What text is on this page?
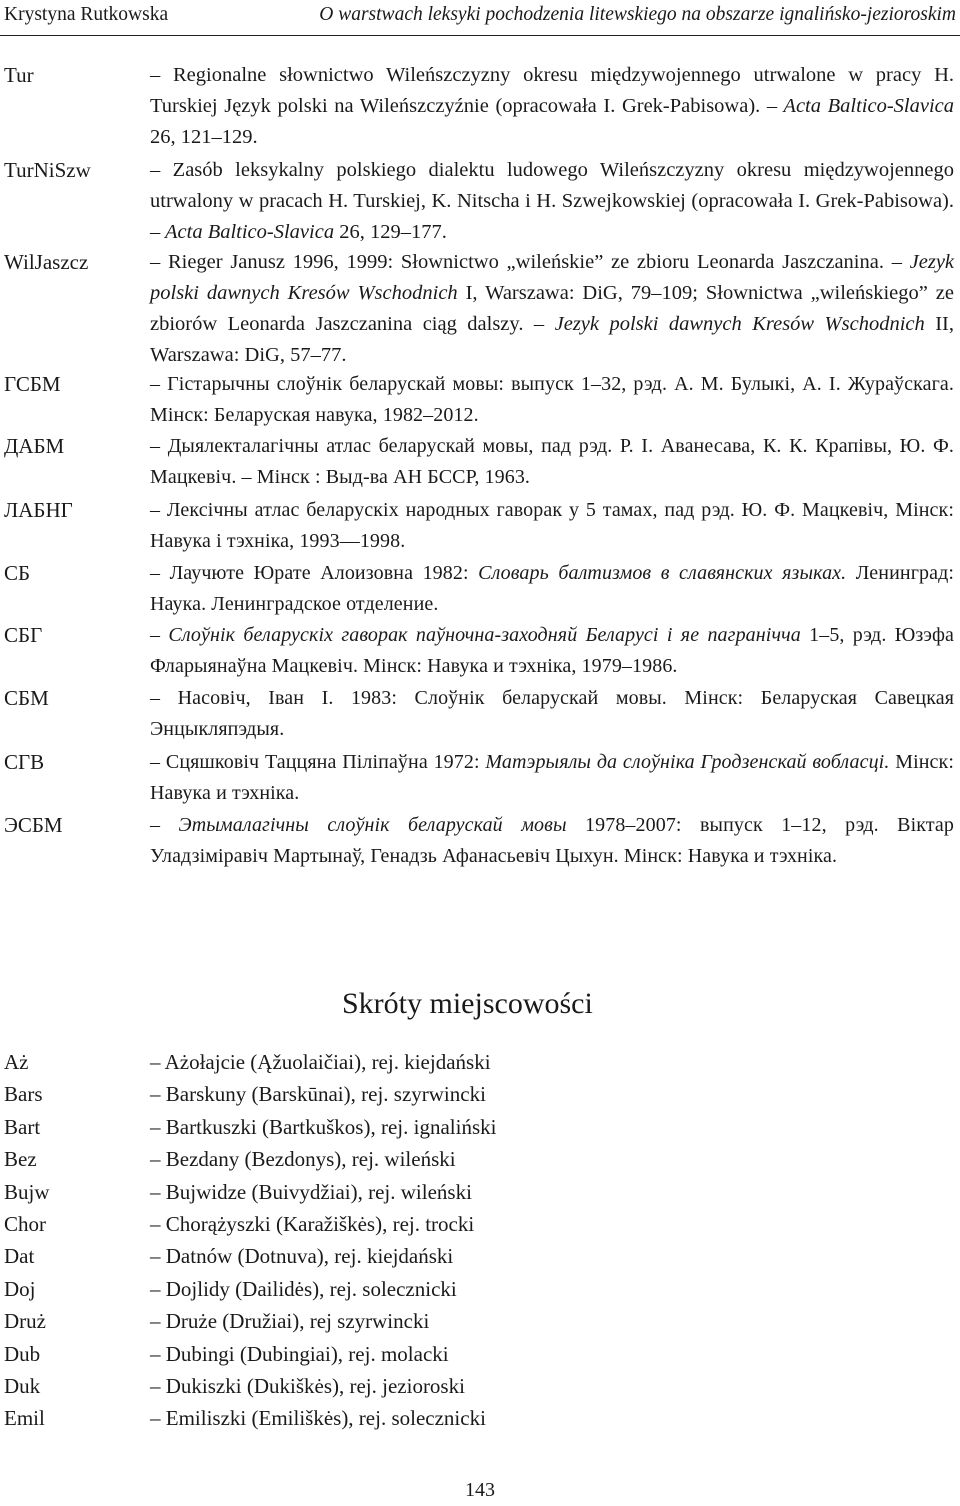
Krystyna Rutkowska	O warstwach leksyki pochodzenia litewskiego na obszarze ignalińsko-jezioroskim
Tur	– Regionalne słownictwo Wileńszczyzny okresu międzywojennego utrwalone w pracy H. Turskiej Język polski na Wileńszczyźnie (opracowała I. Grek-Pabisowa). – Acta Baltico-Slavica 26, 121‒129.
TurNiSzw	– Zasób leksykalny polskiego dialektu ludowego Wileńszczyzny okresu międzywojennego utrwalony w pracach H. Turskiej, K. Nitscha i H. Szwejkowskiej (opracowała I. Grek-Pabisowa). – Acta Baltico-Slavica 26, 129‒177.
WilJaszcz	– Rieger Janusz 1996, 1999: Słownictwo „wileńskie” ze zbioru Leonarda Jaszczanina. – Jezyk polski dawnych Kresów Wschodnich I, Warszawa: DiG, 79‒109; Słownictwa „wileńskiego” ze zbiorów Leonarda Jaszczanina ciąg dalszy. – Jezyk polski dawnych Kresów Wschodnich II, Warszawa: DiG, 57‒77.
ГСБМ	– Гістарычны слоўнік беларускай мовы: выпуск 1‒32, рэд. А. М. Булыкі, А. І. Жураўскага. Мінск: Беларуская навука, 1982‒2012.
ДАБМ	– Дыялекталагічны атлас беларускай мовы, пад рэд. Р. І. Аванесава, К. К. Крапівы, Ю. Ф. Мацкевіч. – Мінск : Выд-ва АН БССР, 1963.
ЛАБНГ	– Лексічны атлас беларускіх народных гаворак у 5 тамах, пад рэд. Ю. Ф. Мацкевіч, Мінск: Навука і тэхніка, 1993—1998.
СБ	– Лаучюте Юрате Алоизовна 1982: Словарь балтизмов в славянских языках. Ленинград: Наука. Ленинградское отделение.
СБГ	– Слоўнік беларускіх гаворак паўночна-заходняй Беларусі і яе пагранiчча 1‒5, рэд. Юзэфа Фларыянаўна Мацкевіч. Мінск: Навука и тэхніка, 1979‒1986.
СБМ	– Насовіч, Іван І. 1983: Слоўнік беларускай мовы. Мінск: Беларуская Савецкая Энцыкляпэдыя.
СГВ	– Сцяшковіч Таццяна Піліпаўна 1972: Матэрыялы да слоўніка Гродзенскай вобласці. Мінск: Навука и тэхніка.
ЭСБМ	– Этымалагічны слоўнік беларускай мовы 1978‒2007: выпуск 1‒12, рэд. Віктар Уладзіміравіч Мартынаў, Генадзь Афанасьевіч Цыхун. Мінск: Навука и тэхніка.
Skróty miejscowości
Aż	– Ażołajcie (Ąžuolaičiai), rej. kiejdański
Bars	– Barskuny (Barskūnai), rej. szyrwincki
Bart	– Bartkuszki (Bartkuškos), rej. ignaliński
Bez	– Bezdany (Bezdonys), rej. wileński
Bujw	– Bujwidze (Buivydžiai), rej. wileński
Chor	– Chorążyszki (Karažiškės), rej. trocki
Dat	– Datnów (Dotnuva), rej. kiejdański
Doj	– Dojlidy (Dailidės), rej. solecznicki
Druż	– Druże (Družiai), rej szyrwincki
Dub	– Dubingi (Dubingiai), rej. molacki
Duk	– Dukiszki (Dukiškės), rej. jezioroski
Emil	– Emiliszki (Emiliškės), rej. solecznicki
143
